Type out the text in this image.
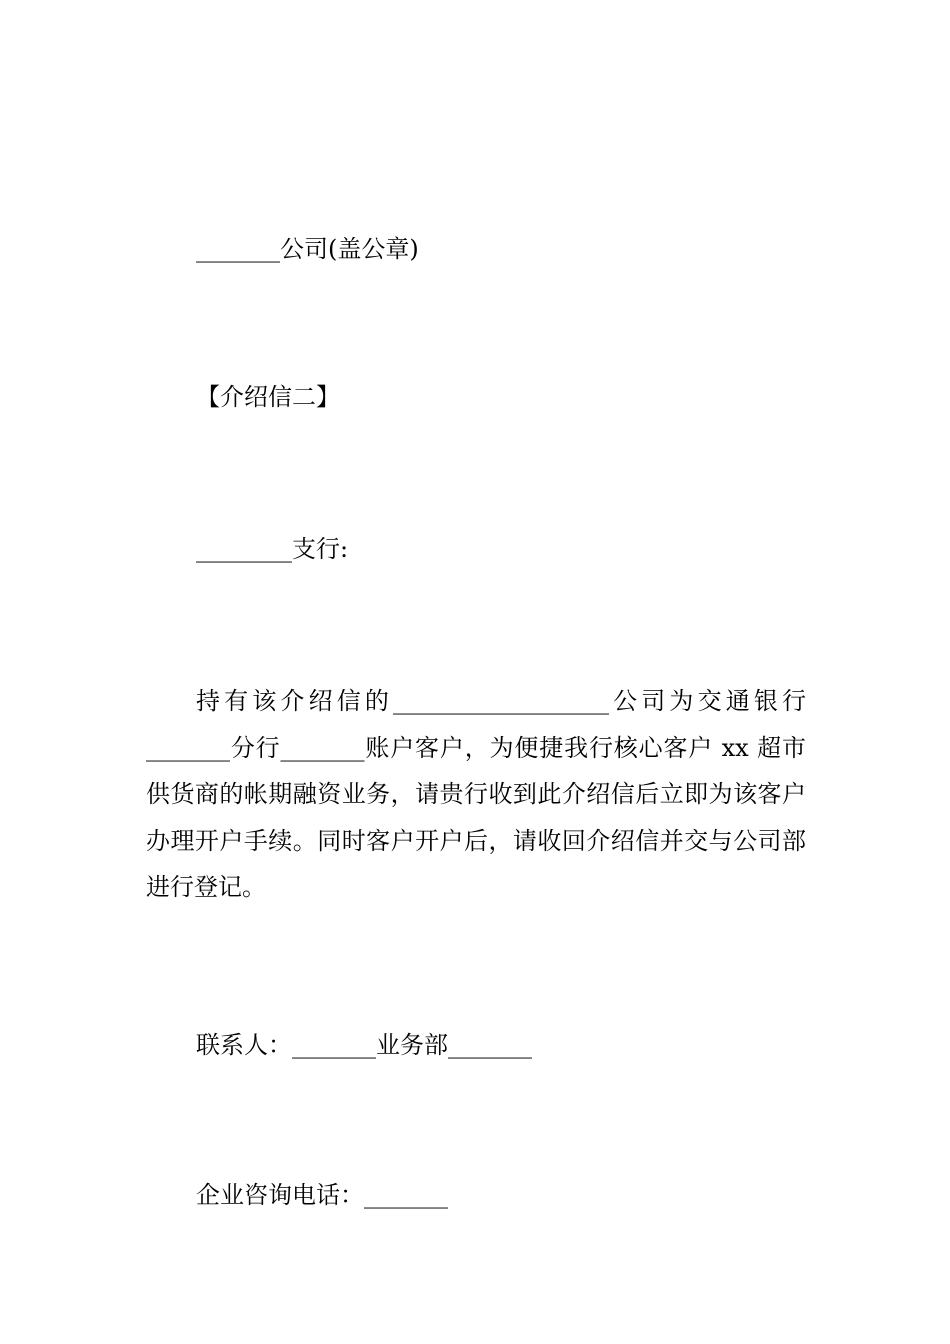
_______公司(盖公章)
【介绍信二】
________支行:
持有该介绍信的__________________公司为交通银行_______分行_______账户客户，为便捷我行核心客户 xx 超市供货商的帐期融资业务，请贵行收到此介绍信后立即为该客户办理开户手续。同时客户开户后，请收回介绍信并交与公司部进行登记。
联系人：_______业务部_______
企业咨询电话：_______
